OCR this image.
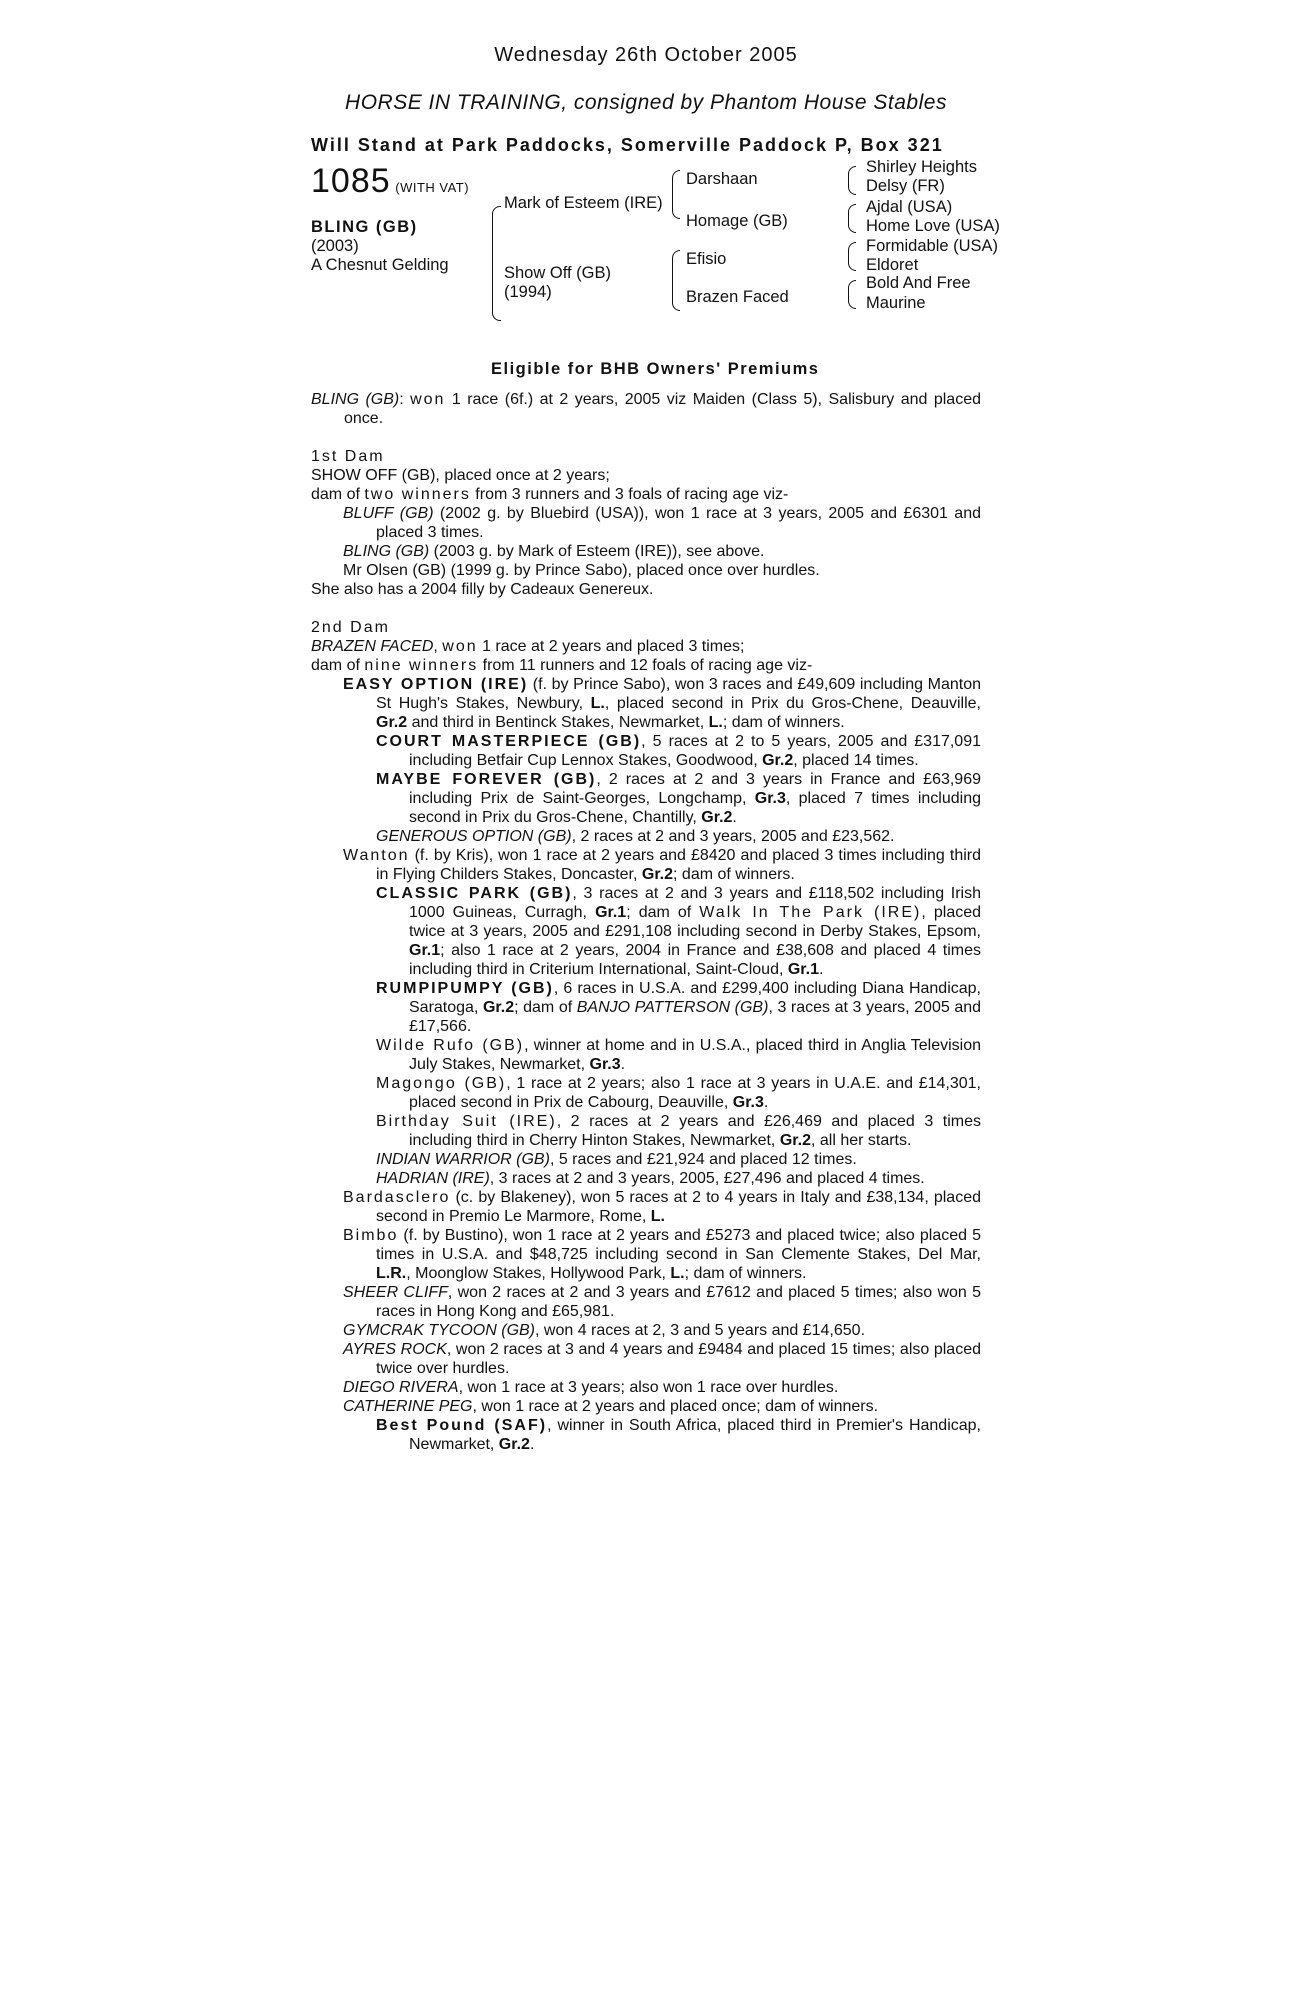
Wednesday 26th October 2005
HORSE IN TRAINING, consigned by Phantom House Stables
Will Stand at Park Paddocks, Somerville Paddock P, Box 321
1085 (WITH VAT)
BLING (GB)
(2003)
A Chesnut Gelding
Mark of Esteem (IRE)
Show Off (GB)
(1994)
Darshaan
Homage (GB)
Efisio
Brazen Faced
Shirley Heights
Delsy (FR)
Ajdal (USA)
Home Love (USA)
Formidable (USA)
Eldoret
Bold And Free
Maurine
Eligible for BHB Owners' Premiums

BLING (GB): won 1 race (6f.) at 2 years, 2005 viz Maiden (Class 5), Salisbury and placed once.

1st Dam

SHOW OFF (GB), placed once at 2 years;

dam of two winners from 3 runners and 3 foals of racing age viz-

BLUFF (GB) (2002 g. by Bluebird (USA)), won 1 race at 3 years, 2005 and £6301 and placed 3 times.

BLING (GB) (2003 g. by Mark of Esteem (IRE)), see above.

Mr Olsen (GB) (1999 g. by Prince Sabo), placed once over hurdles.

She also has a 2004 filly by Cadeaux Genereux.

2nd Dam

BRAZEN FACED, won 1 race at 2 years and placed 3 times;

dam of nine winners from 11 runners and 12 foals of racing age viz-

EASY OPTION (IRE) (f. by Prince Sabo), won 3 races and £49,609 including Manton St Hugh's Stakes, Newbury, L., placed second in Prix du Gros-Chene, Deauville, Gr.2 and third in Bentinck Stakes, Newmarket, L.; dam of winners.

COURT MASTERPIECE (GB), 5 races at 2 to 5 years, 2005 and £317,091 including Betfair Cup Lennox Stakes, Goodwood, Gr.2, placed 14 times.

MAYBE FOREVER (GB), 2 races at 2 and 3 years in France and £63,969 including Prix de Saint-Georges, Longchamp, Gr.3, placed 7 times including second in Prix du Gros-Chene, Chantilly, Gr.2.

GENEROUS OPTION (GB), 2 races at 2 and 3 years, 2005 and £23,562.

Wanton (f. by Kris), won 1 race at 2 years and £8420 and placed 3 times including third in Flying Childers Stakes, Doncaster, Gr.2; dam of winners.

CLASSIC PARK (GB), 3 races at 2 and 3 years and £118,502 including Irish 1000 Guineas, Curragh, Gr.1; dam of Walk In The Park (IRE), placed twice at 3 years, 2005 and £291,108 including second in Derby Stakes, Epsom, Gr.1; also 1 race at 2 years, 2004 in France and £38,608 and placed 4 times including third in Criterium International, Saint-Cloud, Gr.1.

RUMPIPUMPY (GB), 6 races in U.S.A. and £299,400 including Diana Handicap, Saratoga, Gr.2; dam of BANJO PATTERSON (GB), 3 races at 3 years, 2005 and £17,566.

Wilde Rufo (GB), winner at home and in U.S.A., placed third in Anglia Television July Stakes, Newmarket, Gr.3.

Magongo (GB), 1 race at 2 years; also 1 race at 3 years in U.A.E. and £14,301, placed second in Prix de Cabourg, Deauville, Gr.3.

Birthday Suit (IRE), 2 races at 2 years and £26,469 and placed 3 times including third in Cherry Hinton Stakes, Newmarket, Gr.2, all her starts.

INDIAN WARRIOR (GB), 5 races and £21,924 and placed 12 times.

HADRIAN (IRE), 3 races at 2 and 3 years, 2005, £27,496 and placed 4 times.

Bardasclero (c. by Blakeney), won 5 races at 2 to 4 years in Italy and £38,134, placed second in Premio Le Marmore, Rome, L.

Bimbo (f. by Bustino), won 1 race at 2 years and £5273 and placed twice; also placed 5 times in U.S.A. and $48,725 including second in San Clemente Stakes, Del Mar, L.R., Moonglow Stakes, Hollywood Park, L.; dam of winners.

SHEER CLIFF, won 2 races at 2 and 3 years and £7612 and placed 5 times; also won 5 races in Hong Kong and £65,981.

GYMCRAK TYCOON (GB), won 4 races at 2, 3 and 5 years and £14,650.

AYRES ROCK, won 2 races at 3 and 4 years and £9484 and placed 15 times; also placed twice over hurdles.

DIEGO RIVERA, won 1 race at 3 years; also won 1 race over hurdles.

CATHERINE PEG, won 1 race at 2 years and placed once; dam of winners.

Best Pound (SAF), winner in South Africa, placed third in Premier's Handicap, Newmarket, Gr.2.
